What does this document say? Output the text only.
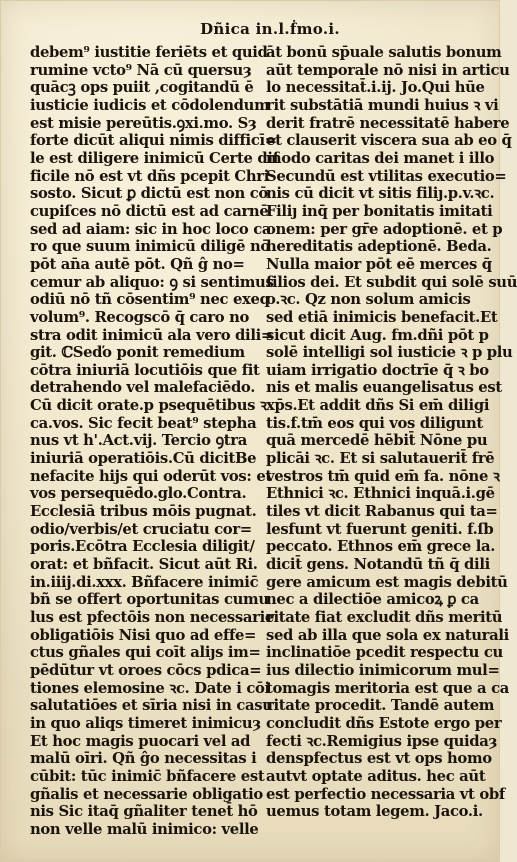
Dñica in.l.ḟmo.i.
debem⁹ iustitie feriēts et quid
rumine vcto⁹ Nā cū quersuȝ
quācꝫ ops puiit ,cogitandū ē
iusticie iudicis et cōdolendum
est misie pereūtis.ꝯxi.mo. Sȝ
forte dicūt aliqui nimis difficī=
le est diligere inimicū Certe dif
ficile nō est vt dñs pcepit Chri
sosto. Sicut ꝑ dictū est non cō
cupiſces nō dictū est ad carnē
sed ad aiam: sic in hoc loco ca
ro que suum inimicū diligē nō
pōt an̄a autē pōt. Qñ ĝ no=
cemur ab aliquo: ꝯ si sentimus
odiū nō tñ cōsentim⁹ nec exeq
volum⁹. Recogscō q̄ caro no
stra odit inimicū ala vero dili=
git. ℂSeďo ponit remedium
cōtra iniuriā locutiōis que fit
detrahendo vel malefaciēdo.
Cū dicit orate.p psequētibus ꝛ
ca.vos. Sic fecit beat⁹ stepha
nus vt h'.Act.vij. Tercio ꝯtra
iniuriā operatiōis.Cū dicitBe
nefacite hijs qui oderūt vos: et
vos persequēdo.glo.Contra.
Ecclesiā tribus mōis pugnat.
odio/verbis/et cruciatu cor=
poris.Ecōtra Ecclesia diligit/
orat: et bñfacit. Sicut aūt Ri.
in.iiij.di.xxx. Bñfacere inimic̄
bñ se offert oportunitas cumu
lus est pfectōis non necessarie
obligatiōis Nisi quo ad effe=
ctus gñales qui coīt aliȷs im=
pēdūtur vt oroes cōcs pdica=
tiones elemosine ꝛc. Date i cōi
salutatiōes et sīria nisi in casu
in quo aliqs timeret inimicuȝ
Et hoc magis puocari vel ad
malū oīri. Qñ ĝo necessitas i
cūbit: tūc inimic̄ bñfacere est
gñalis et necessarie obligatio
nis Sic itaq̄ gñaliter tenet̄ hō
non velle malū inimico: velle
āt bonū sp̄uale salutis bonum
aūt temporale nō nisi in articu
lo necessitat̄.i.ij. Jo.Qui hūe
rit substātiā mundi huius ꝛ vi
derit fratrē necessitatē habere
et clauserit viscera sua ab eo q̄
modo caritas dei manet i illo
Secundū est vtilitas executio=
nis cū dicit vt sitis filiȷ.p.v.ꝛc.
Filiȷ inq̄ per bonitatis imitati
onem: per gr̄e adoptionē. et p
hereditatis adeptionē. Beda.
Nulla maior pōt eē merces q̄
filios dei. Et subdit qui solē suū
o.ꝛc. Qz non solum amicis
sed etiā inimicis benefacit.Et
sicut dicit Aug. fm.dñi pōt p
solē intelligi sol iusticie ꝛ p plu
uiam irrigatio doctrīe q̄ ꝛ bo
nis et malis euangelisatus est
xp̄s.Et addit dñs Si em̄ diligi
tis.f.tm̄ eos qui vos diligunt
quā mercedē hēbit̄ Nōne pu
plicāi ꝛc. Et si salutauerit̄ frē
vestros tm̄ quid em̄ fa. nōne ꝛ
Ethnici ꝛc. Ethnici inquā.i.gē
tiles vt dicit Rabanus qui ta=
lesfunt vt fuerunt geniti. f.ſb
peccato. Ethnos em̄ grece la.
dicit̄ gens. Notandū tñ q̄ dili
gere amicum est magis debitū
nec a dilectiōe amicoꝝ ꝑ ca
ritate fiat excludit dñs meritū
sed ab illa que sola ex naturali
inclinatiōe pcedit respectu cu
ius dilectio inimicorum mul=
tomagis meritoria est que a ca
ritate procedit. Tandē autem
concludit dñs Estote ergo per
fecti ꝛc.Remigius ipse quidaȝ
denspfectus est vt ops homo
autvt optate aditus. hec aūt
est perfectio necessaria vt obf
uemus totam legem. Jaco.i.
